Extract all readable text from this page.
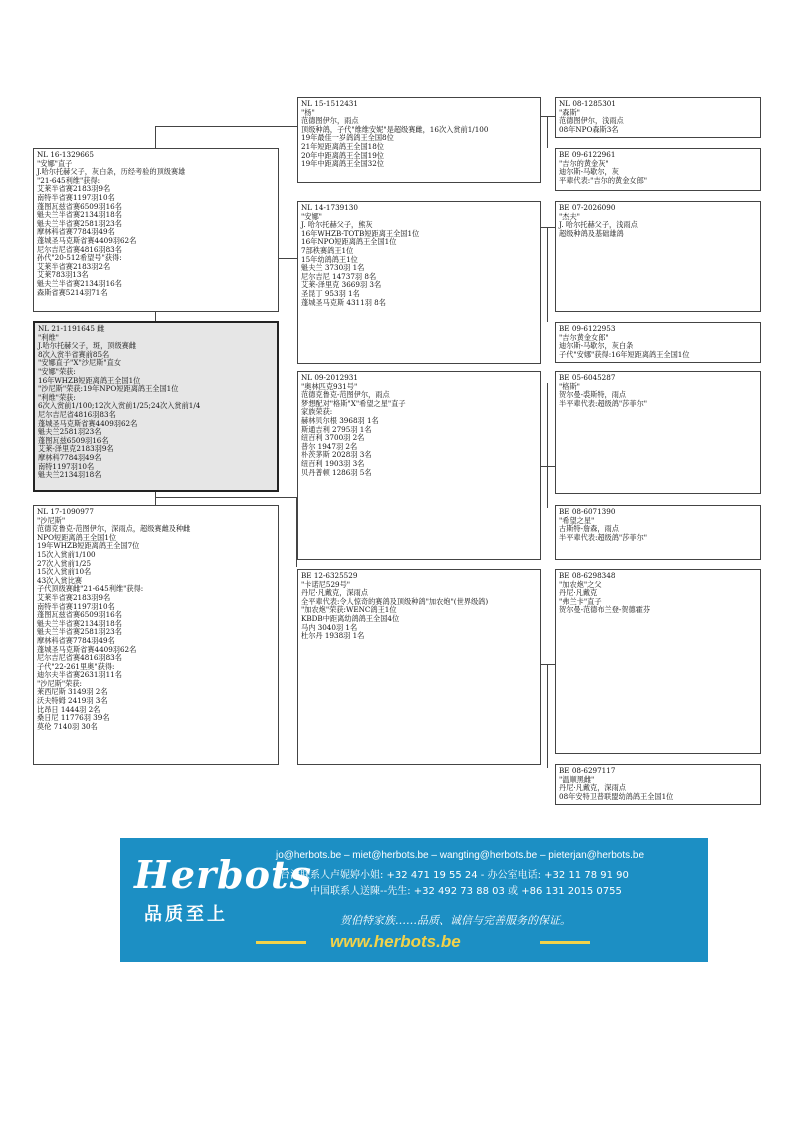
NL 21-1191645 雌
"利维"
J.哈尔托赫父子，斑，顶级赛雌
8次入赏半省赛前85名
"安娜直子"X"沙尼斯"直女
"安娜"荣获:
16年WHZB短距离鸽王全国1位
"沙尼斯"荣获:19年NPO短距离鸽王全国1位
"利维"荣获:
6次入赏前1/100;12次入赏前1/25;24次入赏前1/4
尼尔吉尼省4816羽83名
蓬城圣马克斯省赛4409羽62名
魁夫兰2581羽23名
蓬图瓦兹6509羽16名
艾莱-泽里克2183羽9名
摩林科7784羽49名
南特1197羽10名
魁夫兰2134羽18名
NL 16-1329665
"安娜"直子
J.哈尔托赫父子，灰白条，历经考验的顶级赛雄
"21-645利维"获得:
艾莱半省赛2183羽9名
南特半省赛1197羽10名
蓬图瓦兹省赛6509羽16名
魁夫兰半省赛2134羽18名
魁夫兰半省赛2581羽23名
摩林科省赛7784羽49名
蓬城圣马克斯省赛4409羽62名
尼尔吉尼省赛4816羽83名
孙代"20-512希望号"获得:
艾莱半省赛2183羽2名
艾莱783羽13名
魁夫兰半省赛2134羽16名
森斯省赛5214羽71名
NL 17-1090977
"沙尼斯"
范德克鲁克-范图伊尔，深雨点，超级赛雌及种雌
NPO短距离鸽王全国1位
19年WHZB短距离鸽王全国7位
15次入赏前1/100
27次入赏前1/25
15次入赏前10名
43次入赏比赛
子代顶级赛雌"21-645利维"获得:
艾莱半省赛2183羽9名
南特半省赛1197羽10名
蓬图瓦兹省赛6509羽16名
魁夫兰半省赛2134羽18名
魁夫兰半省赛2581羽23名
摩林科省赛7784羽49名
蓬城圣马克斯省赛4409羽62名
尼尔吉尼省赛4816羽83名
子代"22-261里奥"获得:
迪尔夫半省赛2631羽11名
"沙尼斯"荣获:
莱西尼斯 3149羽 2名
沃夫特姆 2419羽 3名
比昂日 1444羽 2名
桑日尼 11776羽 39名
莫伦 7140羽 30名
NL 15-1512431
"杨"
范德图伊尔，雨点
顶级种鸽，子代"维维安妮"是超级赛雌，16次入赏前1/100
19年最佳一岁鸽鸽王全国8位
21年短距离鸽王全国18位
20年中距离鸽王全国19位
19年中距离鸽王全国32位
NL 14-1739130
"安娜"
J. 哈尔托赫父子，熊灰
16年WHZB-TOTB短距离王全国1位
16年NPO短距离鸽王全国1位
7部秩赛鸽王1位
15年幼鸽鸽王1位
魁夫兰 3730羽 1名
尼尔吉尼 14737羽 8名
艾莱-泽里克 3669羽 3名
圣昆丁 953羽 1名
蓬城圣马克斯 4311羽 8名
NL 09-2012931
"奥林匹克931号"
范德克鲁克-范图伊尔，雨点
梦想配对"格斯"X"希望之星"直子
家族荣获:
赫林贝尔根 3968羽 1名
斯通吉利 2795羽 1名
纽百利 3700羽 2名
普尔 1947羽 2名
朴茨茅斯 2028羽 3名
纽百利 1903羽 3名
贝丹普顿 1286羽 5名
BE 12-6325529
"卡诺尼529号"
丹尼·凡戴克，深雨点
全平辈代表:令人惊奇的赛鸽及顶级种鸽"加农炮"(世界级鸽)
"加农炮"荣获:WENC鸽王1位
KBDB中距离幼鸽鸽王全国4位
马内 3040羽 1名
杜尔丹 1938羽 1名
NL 08-1285301
"森斯"
范德图伊尔，浅雨点
08年NPO森斯3名
BE 09-6122961
"吉尔的黄金灰"
迪尔斯-马歇尔，灰
平辈代表:"吉尔的黄金女郎"
BE 07-2026090
"杰夫"
J. 哈尔托赫父子，浅雨点
超级种鸽及基础雄鸽
BE 09-6122953
"吉尔黄金女郎"
迪尔斯-马歇尔，灰白条
子代"安娜"获得:16年短距离鸽王全国1位
BE 05-6045287
"格斯"
贺尔曼-裘斯特，雨点
半平辈代表:超级鸽"莎菲尔"
BE 08-6071390
"希望之星"
古斯特-詹森，雨点
半平辈代表:超级鸽"莎菲尔"
BE 08-6298348
"加农炮"之父
丹尼·凡戴克
"弗兰卡"直子
贺尔曼-范德布兰登-贺德霍芬
BE 08-6297117
"温顺黑雌"
丹尼·凡戴克，深雨点
08年安特卫普联盟幼鸽鸽王全国1位
Herbots
品质至上
jo@herbots.be – miet@herbots.be – wangting@herbots.be – pieterjan@herbots.be
台湾联系人卢妮婷小姐: +32 471 19 55 24 - 办公室电话: +32 11 78 91 90
中国联系人送陳--先生: +32 492 73 88 03 或 +86 131 2015 0755
贺伯特家族……品质、诚信与完善服务的保证。
www.herbots.be
